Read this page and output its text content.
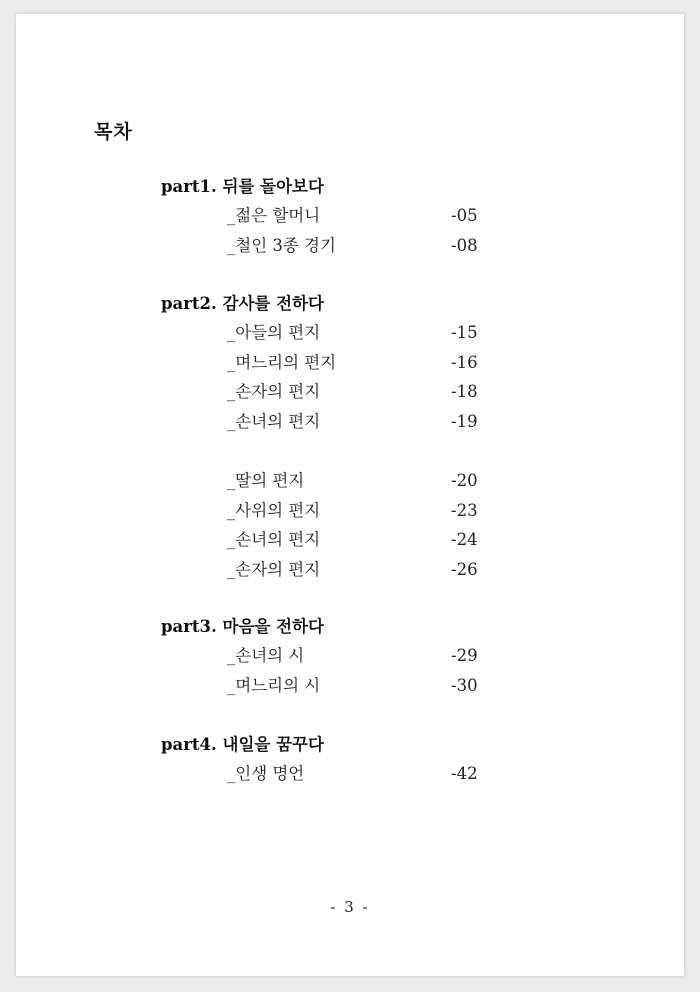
목차
part1. 뒤를 돌아보다
_젊은 할머니	-05
_철인 3종 경기	-08
part2. 감사를 전하다
_아들의 편지	-15
_며느리의 편지	-16
_손자의 편지	-18
_손녀의 편지	-19
_딸의 편지	-20
_사위의 편지	-23
_손녀의 편지	-24
_손자의 편지	-26
part3. 마음을 전하다
_손녀의 시	-29
_며느리의 시	-30
part4. 내일을 꿈꾸다
_인생 명언	-42
- 3 -
